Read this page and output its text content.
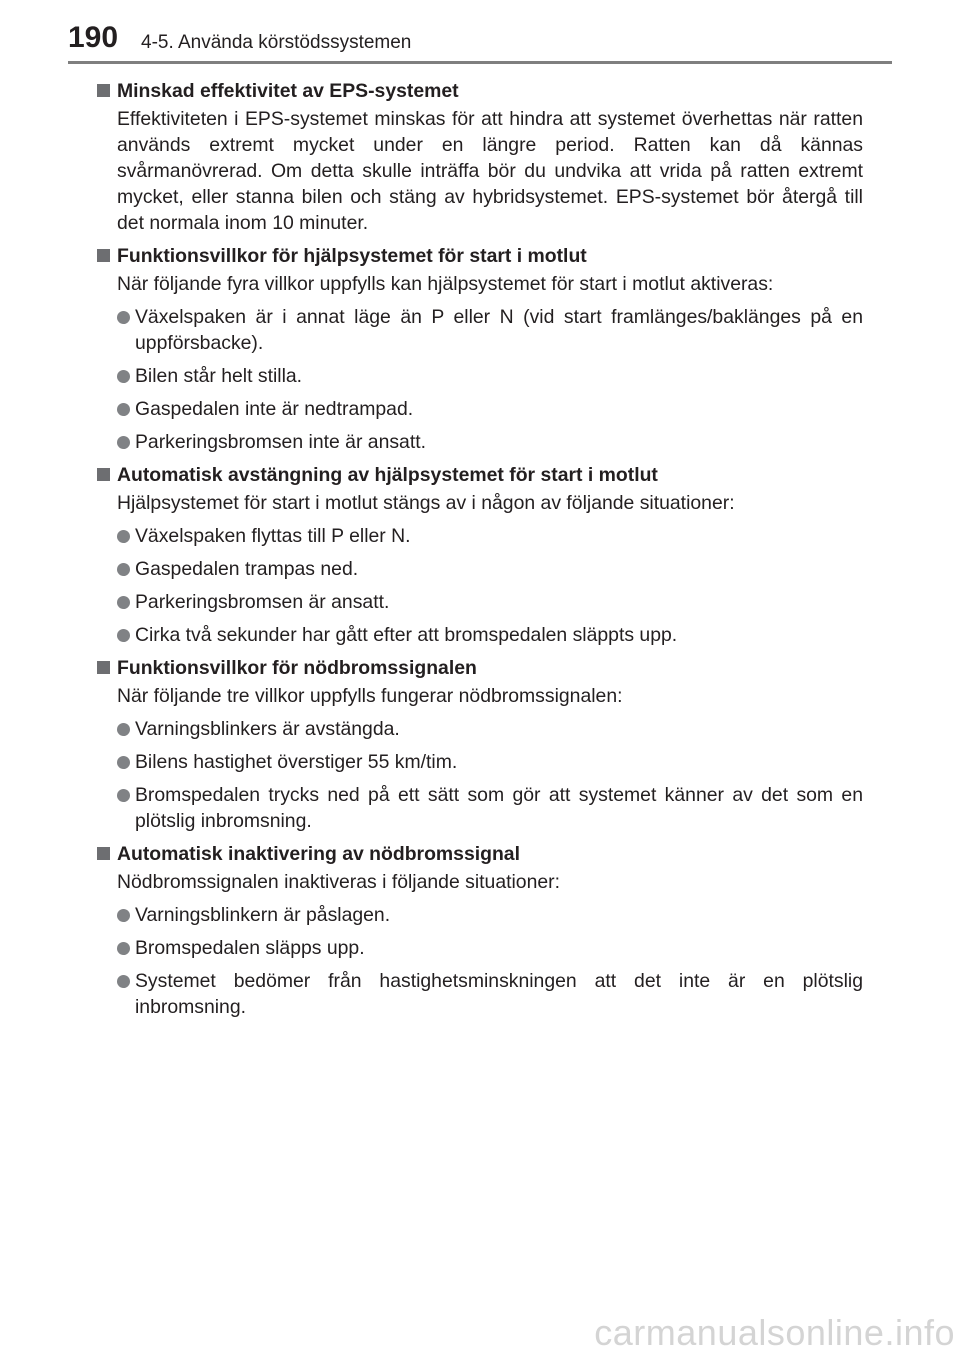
190 4-5. Använda körstödssystemen
Minskad effektivitet av EPS-systemet
Effektiviteten i EPS-systemet minskas för att hindra att systemet överhettas när ratten används extremt mycket under en längre period. Ratten kan då kännas svårmanövrerad. Om detta skulle inträffa bör du undvika att vrida på ratten extremt mycket, eller stanna bilen och stäng av hybridsystemet. EPS-systemet bör återgå till det normala inom 10 minuter.
Funktionsvillkor för hjälpsystemet för start i motlut
När följande fyra villkor uppfylls kan hjälpsystemet för start i motlut aktiveras:
Växelspaken är i annat läge än P eller N (vid start framlänges/baklänges på en uppförsbacke).
Bilen står helt stilla.
Gaspedalen inte är nedtrampad.
Parkeringsbromsen inte är ansatt.
Automatisk avstängning av hjälpsystemet för start i motlut
Hjälpsystemet för start i motlut stängs av i någon av följande situationer:
Växelspaken flyttas till P eller N.
Gaspedalen trampas ned.
Parkeringsbromsen är ansatt.
Cirka två sekunder har gått efter att bromspedalen släppts upp.
Funktionsvillkor för nödbromssignalen
När följande tre villkor uppfylls fungerar nödbromssignalen:
Varningsblinkers är avstängda.
Bilens hastighet överstiger 55 km/tim.
Bromspedalen trycks ned på ett sätt som gör att systemet känner av det som en plötslig inbromsning.
Automatisk inaktivering av nödbromssignal
Nödbromssignalen inaktiveras i följande situationer:
Varningsblinkern är påslagen.
Bromspedalen släpps upp.
Systemet bedömer från hastighetsminskningen att det inte är en plötslig inbromsning.
carmanualsonline.info
